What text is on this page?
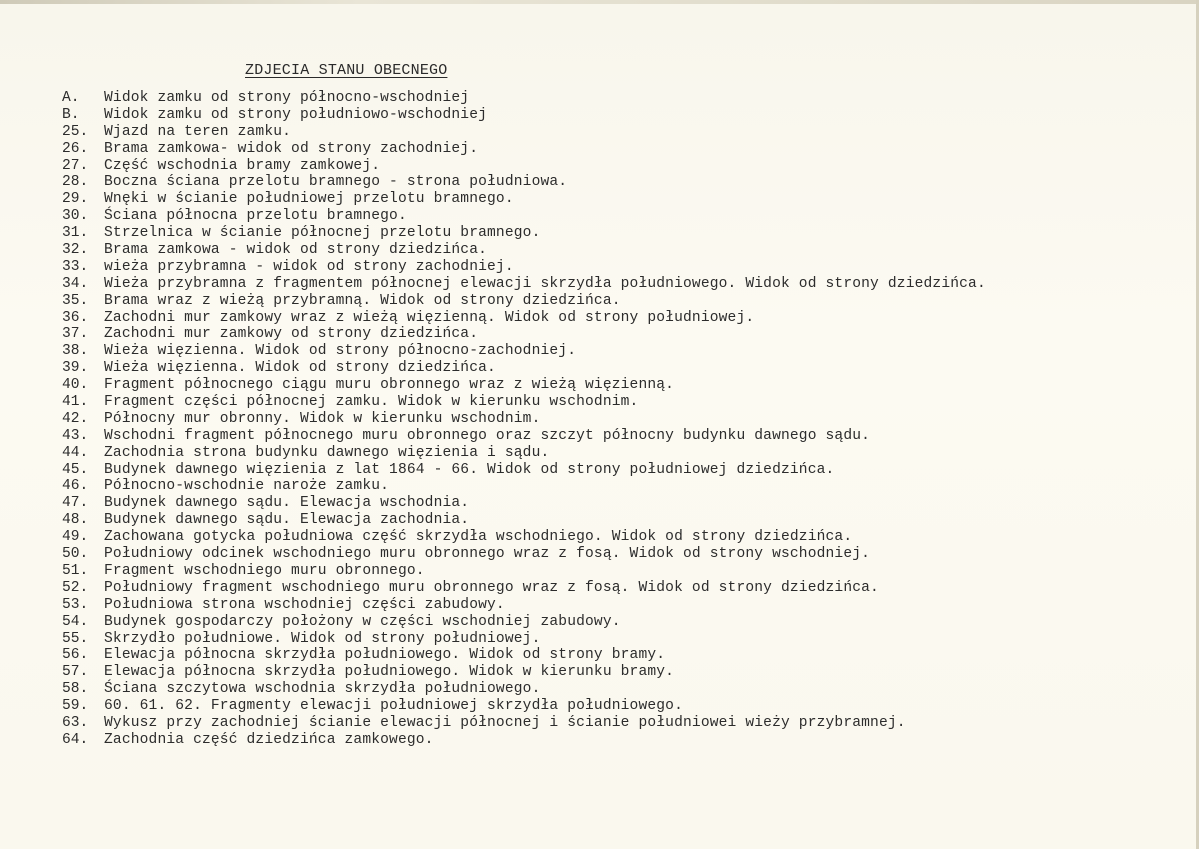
ZDJECIA STANU OBECNEGO
A.	Widok zamku od strony północno-wschodniej
B.	Widok zamku od strony południowo-wschodniej
25.	Wjazd na teren zamku.
26.	Brama zamkowa- widok od strony zachodniej.
27.	Część wschodnia bramy zamkowej.
28.	Boczna ściana przelotu bramnego - strona południowa.
29.	Wnęki w ścianie południowej przelotu bramnego.
30.	Ściana północna przelotu bramnego.
31.	Strzelnica w ścianie północnej przelotu bramnego.
32.	Brama zamkowa - widok od strony dziedzińca.
33.	wieża przybramna - widok od strony zachodniej.
34.	Wieża przybramna z fragmentem północnej elewacji skrzydła południowego. Widok od strony dziedzińca.
35.	Brama wraz z wieżą przybramną. Widok od strony dziedzińca.
36.	Zachodni mur zamkowy wraz z wieżą więzienną. Widok od strony południowej.
37.	Zachodni mur zamkowy od strony dziedzińca.
38.	Wieża więzienna. Widok od strony północno-zachodniej.
39.	Wieża więzienna. Widok od strony dziedzińca.
40.	Fragment północnego ciągu muru obronnego wraz z wieżą więzienną.
41.	Fragment części północnej zamku. Widok w kierunku wschodnim.
42.	Północny mur obronny. Widok w kierunku wschodnim.
43.	Wschodni fragment północnego muru obronnego oraz szczyt północny budynku dawnego sądu.
44.	Zachodnia strona budynku dawnego więzienia i sądu.
45.	Budynek dawnego więzienia z lat 1864 - 66. Widok od strony południowej dziedzińca.
46.	Północno-wschodnie naroże zamku.
47.	Budynek dawnego sądu. Elewacja wschodnia.
48.	Budynek dawnego sądu. Elewacja zachodnia.
49.	Zachowana gotycka południowa część skrzydła wschodniego. Widok od strony dziedzińca.
50.	Południowy odcinek wschodniego muru obronnego wraz z fosą. Widok od strony wschodniej.
51.	Fragment wschodniego muru obronnego.
52.	Południowy fragment wschodniego muru obronnego wraz z fosą. Widok od strony dziedzińca.
53.	Południowa strona wschodniej części zabudowy.
54.	Budynek gospodarczy położony w części wschodniej zabudowy.
55.	Skrzydło południowe. Widok od strony południowej.
56.	Elewacja północna skrzydła południowego. Widok od strony bramy.
57.	Elewacja północna skrzydła południowego. Widok w kierunku bramy.
58.	Ściana szczytowa wschodnia skrzydła południowego.
59.	60. 61. 62. Fragmenty elewacji południowej skrzydła południowego.
63.	Wykusz przy zachodniej ścianie elewacji północnej i ścianie południowei wieży przybramnej.
64.	Zachodnia część dziedzińca zamkowego.
